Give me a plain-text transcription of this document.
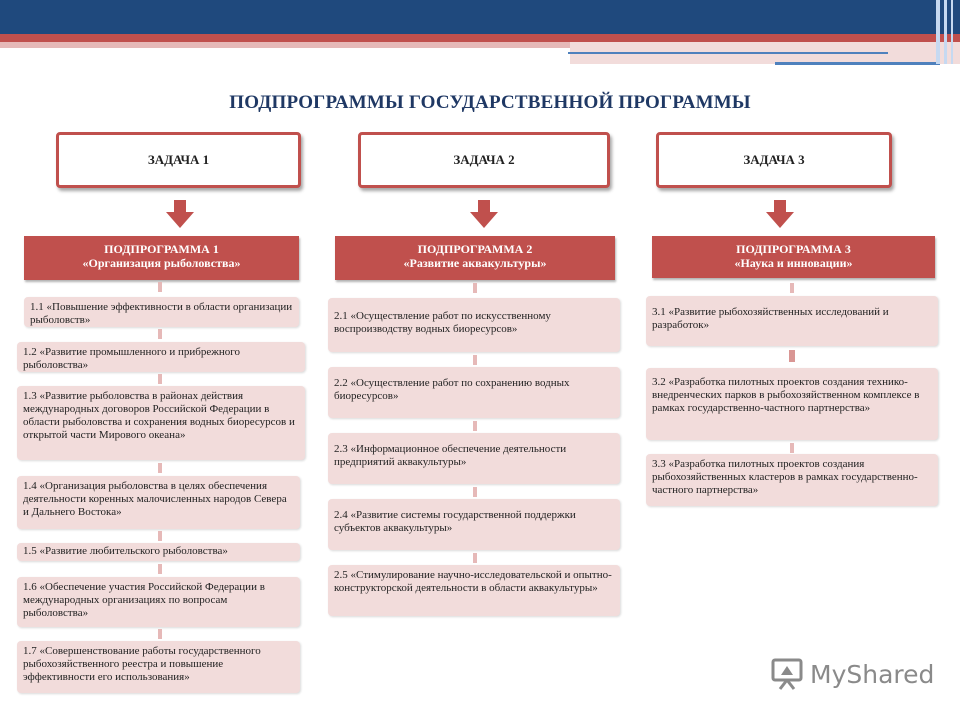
ПОДПРОГРАММЫ ГОСУДАРСТВЕННОЙ ПРОГРАММЫ
ЗАДАЧА 1
ПОДПРОГРАММА 1
«Организация рыболовства»
1.1 «Повышение эффективности в области организации рыболовств»
1.2 «Развитие промышленного и прибрежного рыболовства»
1.3 «Развитие рыболовства в районах действия международных договоров Российской Федерации в области рыболовства и сохранения водных биоресурсов и открытой части Мирового океана»
1.4 «Организация рыболовства в целях обеспечения деятельности коренных малочисленных народов Севера и Дальнего Востока»
1.5 «Развитие любительского рыболовства»
1.6 «Обеспечение участия Российской Федерации в международных организациях по вопросам рыболовства»
1.7 «Совершенствование работы государственного рыбохозяйственного реестра и повышение эффективности его использования»
ЗАДАЧА 2
ПОДПРОГРАММА 2
«Развитие аквакультуры»
2.1 «Осуществление работ по искусственному воспроизводству водных биоресурсов»
2.2 «Осуществление работ по сохранению водных биоресурсов»
2.3 «Информационное обеспечение деятельности предприятий аквакультуры»
2.4 «Развитие системы государственной поддержки субъектов аквакультуры»
2.5 «Стимулирование научно-исследовательской и опытно-конструкторской деятельности в области аквакультуры»
ЗАДАЧА 3
ПОДПРОГРАММА 3
«Наука и инновации»
3.1 «Развитие рыбохозяйственных исследований и разработок»
3.2 «Разработка пилотных проектов создания технико-внедренческих парков в рыбохозяйственном комплексе в рамках государственно-частного партнерства»
3.3 «Разработка пилотных проектов создания рыбохозяйственных кластеров в рамках государственно-частного партнерства»
MyShared
